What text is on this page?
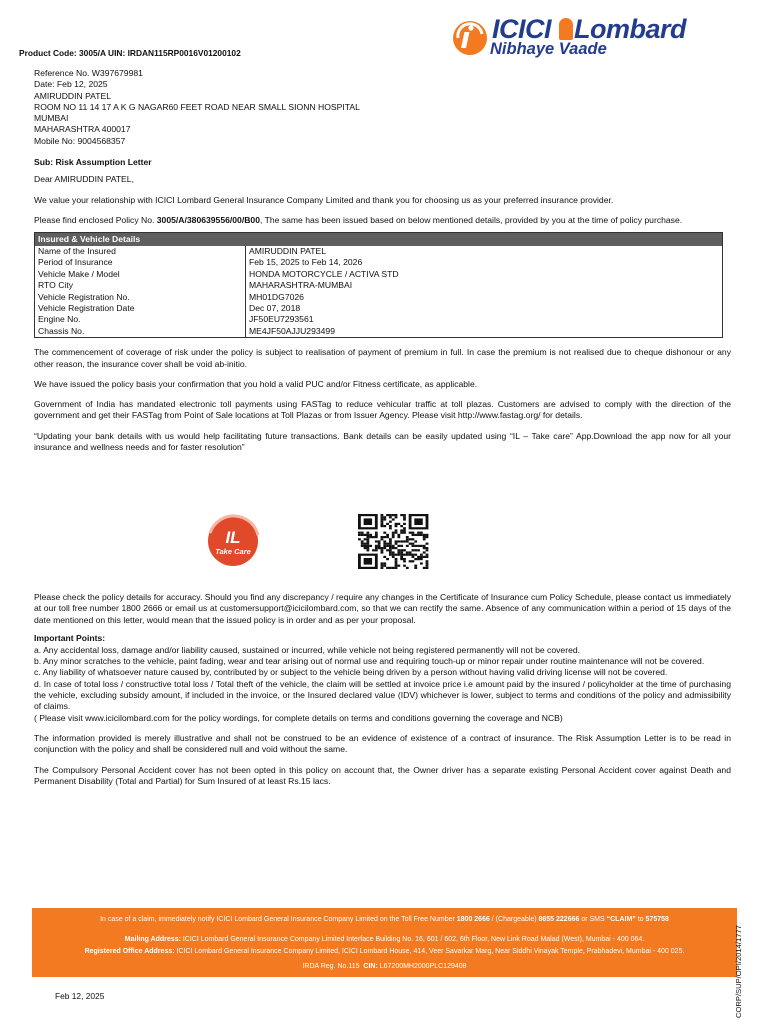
Product Code: 3005/A UIN: IRDAN115RP0016V01200102
ICICI Lombard
Nibhaye Vaade

Reference No. W397679981

Date: Feb 12, 2025

AMIRUDDIN PATEL

ROOM NO 11 14 17 A K G NAGAR60 FEET ROAD NEAR SMALL SIONN HOSPITAL

MUMBAI

MAHARASHTRA 400017

Mobile No: 9004568357

Sub: Risk Assumption Letter

Dear AMIRUDDIN PATEL,

We value your relationship with ICICI Lombard General Insurance Company Limited and thank you for choosing us as your preferred insurance provider.

Please find enclosed Policy No. 3005/A/380639556/00/B00, The same has been issued based on below mentioned details, provided by you at the time of policy purchase.

Insured & Vehicle Details	
Name of the Insured	AMIRUDDIN PATEL
Period of Insurance	Feb 15, 2025 to Feb 14, 2026
Vehicle Make / Model	HONDA MOTORCYCLE / ACTIVA STD
RTO City	MAHARASHTRA-MUMBAI
Vehicle Registration No.	MH01DG7026
Vehicle Registration Date	Dec 07, 2018
Engine No.	JF50EU7293561
Chassis No.	ME4JF50AJJU293499

The commencement of coverage of risk under the policy is subject to realisation of payment of premium in full. In case the premium is not realised due to cheque dishonour or any other reason, the insurance cover shall be void ab-initio.

We have issued the policy basis your confirmation that you hold a valid PUC and/or Fitness certificate, as applicable.

Government of India has mandated electronic toll payments using FASTag to reduce vehicular traffic at toll plazas. Customers are advised to comply with the direction of the government and get their FASTag from Point of Sale locations at Toll Plazas or from Issuer Agency. Please visit http://www.fastag.org/ for details.

“Updating your bank details with us would help facilitating future transactions. Bank details can be easily updated using “IL – Take care” App.Download the app now for all your insurance and wellness needs and for faster resolution”

IL
Take Care

Please check the policy details for accuracy. Should you find any discrepancy / require any changes in the Certificate of Insurance cum Policy Schedule, please contact us immediately at our toll free number 1800 2666 or email us at customersupport@icicilombard.com, so that we can rectify the same. Absence of any communication within a period of 15 days of the date mentioned on this letter, would mean that the issued policy is in order and as per your proposal.

Important Points:

a. Any accidental loss, damage and/or liability caused, sustained or incurred, while vehicle not being registered permanently will not be covered.

b. Any minor scratches to the vehicle, paint fading, wear and tear arising out of normal use and requiring touch-up or minor repair under routine maintenance will not be covered.

c. Any liability of whatsoever nature caused by, contributed by or subject to the vehicle being driven by a person without having valid driving license will not be covered.

d. In case of total loss / constructive total loss / Total theft of the vehicle, the claim will be settled at invoice price i.e amount paid by the insured / policyholder at the time of purchasing the vehicle, excluding subsidy amount, if included in the invoice, or the Insured declared value (IDV) whichever is lower, subject to terms and conditions of the policy and admissibility of claims.

( Please visit www.icicilombard.com for the policy wordings, for complete details on terms and conditions governing the coverage and NCB)

The information provided is merely illustrative and shall not be construed to be an evidence of existence of a contract of insurance. The Risk Assumption Letter is to be read in conjunction with the policy and shall be considered null and void without the same.

The Compulsory Personal Accident cover has not been opted in this policy on account that, the Owner driver has a separate existing Personal Accident cover against Death and Permanent Disability (Total and Partial) for Sum Insured of at least Rs.15 lacs.

In case of a claim, immediately notify ICICI Lombard General Insurance Company Limited on the Toll Free Number 1800 2666 / (Chargeable) 8655 222666 or SMS “CLAIM” to 575758
Mailing Address: ICICI Lombard General Insurance Company Limited Interface Building No. 16, 601 / 602, 6th Floor, New Link Road Malad (West), Mumbai - 400 064.
Registered Office Address: ICICI Lombard General Insurance Company Limited, ICICI Lombard House, 414, Veer Savarkar Marg, Near Siddhi Vinayak Temple, Prabhadevi, Mumbai - 400 025.
IRDA Reg. No.115 CIN: L67200MH2000PLC129408	CORP/SUP/OPI/2014/1777
Feb 12, 2025
